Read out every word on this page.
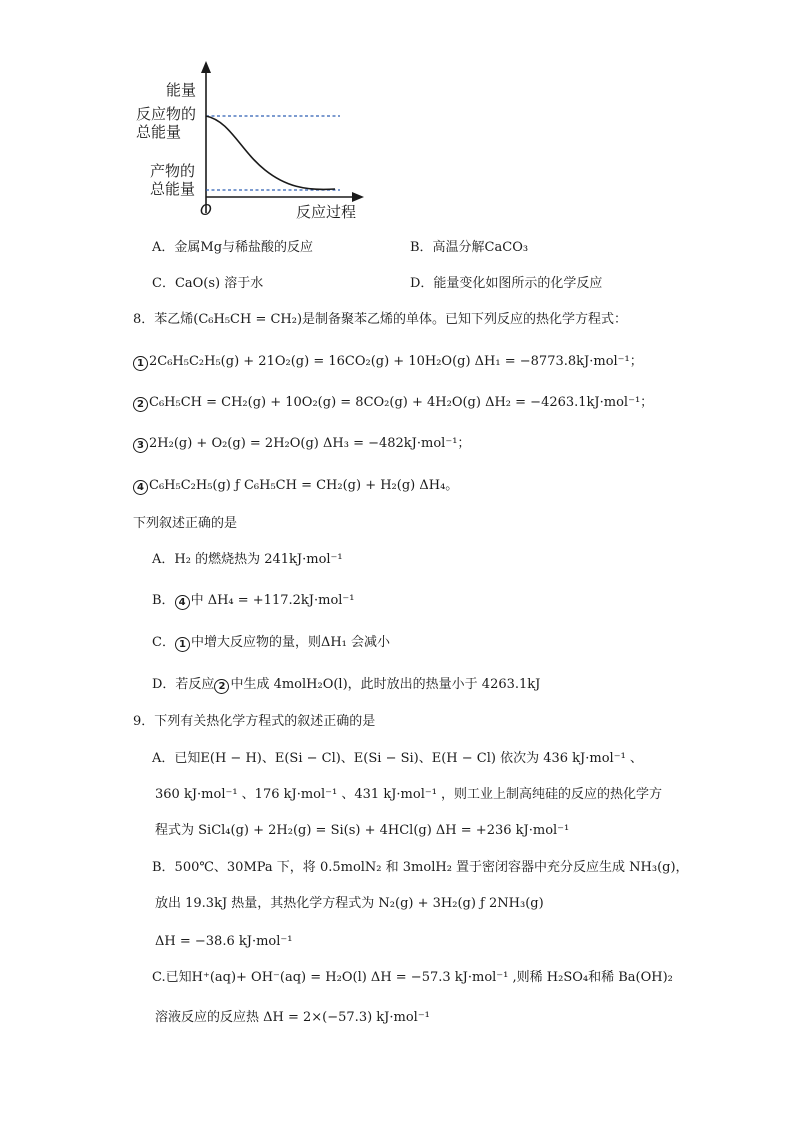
能量
反应物的
总能量
产物的
总能量
O	反应过程
A．金属Mg与稀盐酸的反应	B．高温分解CaCO₃
C．CaO(s) 溶于水	D．能量变化如图所示的化学反应
8．苯乙烯(C₆H₅CH = CH₂)是制备聚苯乙烯的单体。已知下列反应的热化学方程式：
1 2C₆H₅C₂H₅(g) + 21O₂(g) = 16CO₂(g) + 10H₂O(g) ΔH₁ = −8773.8kJ·mol⁻¹；
2 C₆H₅CH = CH₂(g) + 10O₂(g) = 8CO₂(g) + 4H₂O(g) ΔH₂ = −4263.1kJ·mol⁻¹；
3 2H₂(g) + O₂(g) = 2H₂O(g) ΔH₃ = −482kJ·mol⁻¹；
4 C₆H₅C₂H₅(g) ƒ C₆H₅CH = CH₂(g) + H₂(g) ΔH₄。
下列叙述正确的是
A．H₂ 的燃烧热为 241kJ·mol⁻¹
B． 4 中 ΔH₄ = +117.2kJ·mol⁻¹
C． 1 中增大反应物的量，则ΔH₁ 会减小
D．若反应 2 中生成 4molH₂O(l)，此时放出的热量小于 4263.1kJ
9．下列有关热化学方程式的叙述正确的是
A．已知E(H − H)、E(Si − Cl)、E(Si − Si)、E(H − Cl) 依次为 436 kJ·mol⁻¹ 、
360 kJ·mol⁻¹ 、176 kJ·mol⁻¹ 、431 kJ·mol⁻¹ ，则工业上制高纯硅的反应的热化学方
程式为 SiCl₄(g) + 2H₂(g) = Si(s) + 4HCl(g) ΔH = +236 kJ·mol⁻¹
B．500℃、30MPa 下，将 0.5molN₂ 和 3molH₂ 置于密闭容器中充分反应生成 NH₃(g)，
放出 19.3kJ 热量，其热化学方程式为 N₂(g) + 3H₂(g) ƒ 2NH₃(g)
ΔH = −38.6 kJ·mol⁻¹
C.已知H⁺(aq)+ OH⁻(aq) = H₂O(l) ΔH = −57.3 kJ·mol⁻¹ ,则稀 H₂SO₄和稀 Ba(OH)₂
溶液反应的反应热 ΔH = 2×(−57.3) kJ·mol⁻¹
